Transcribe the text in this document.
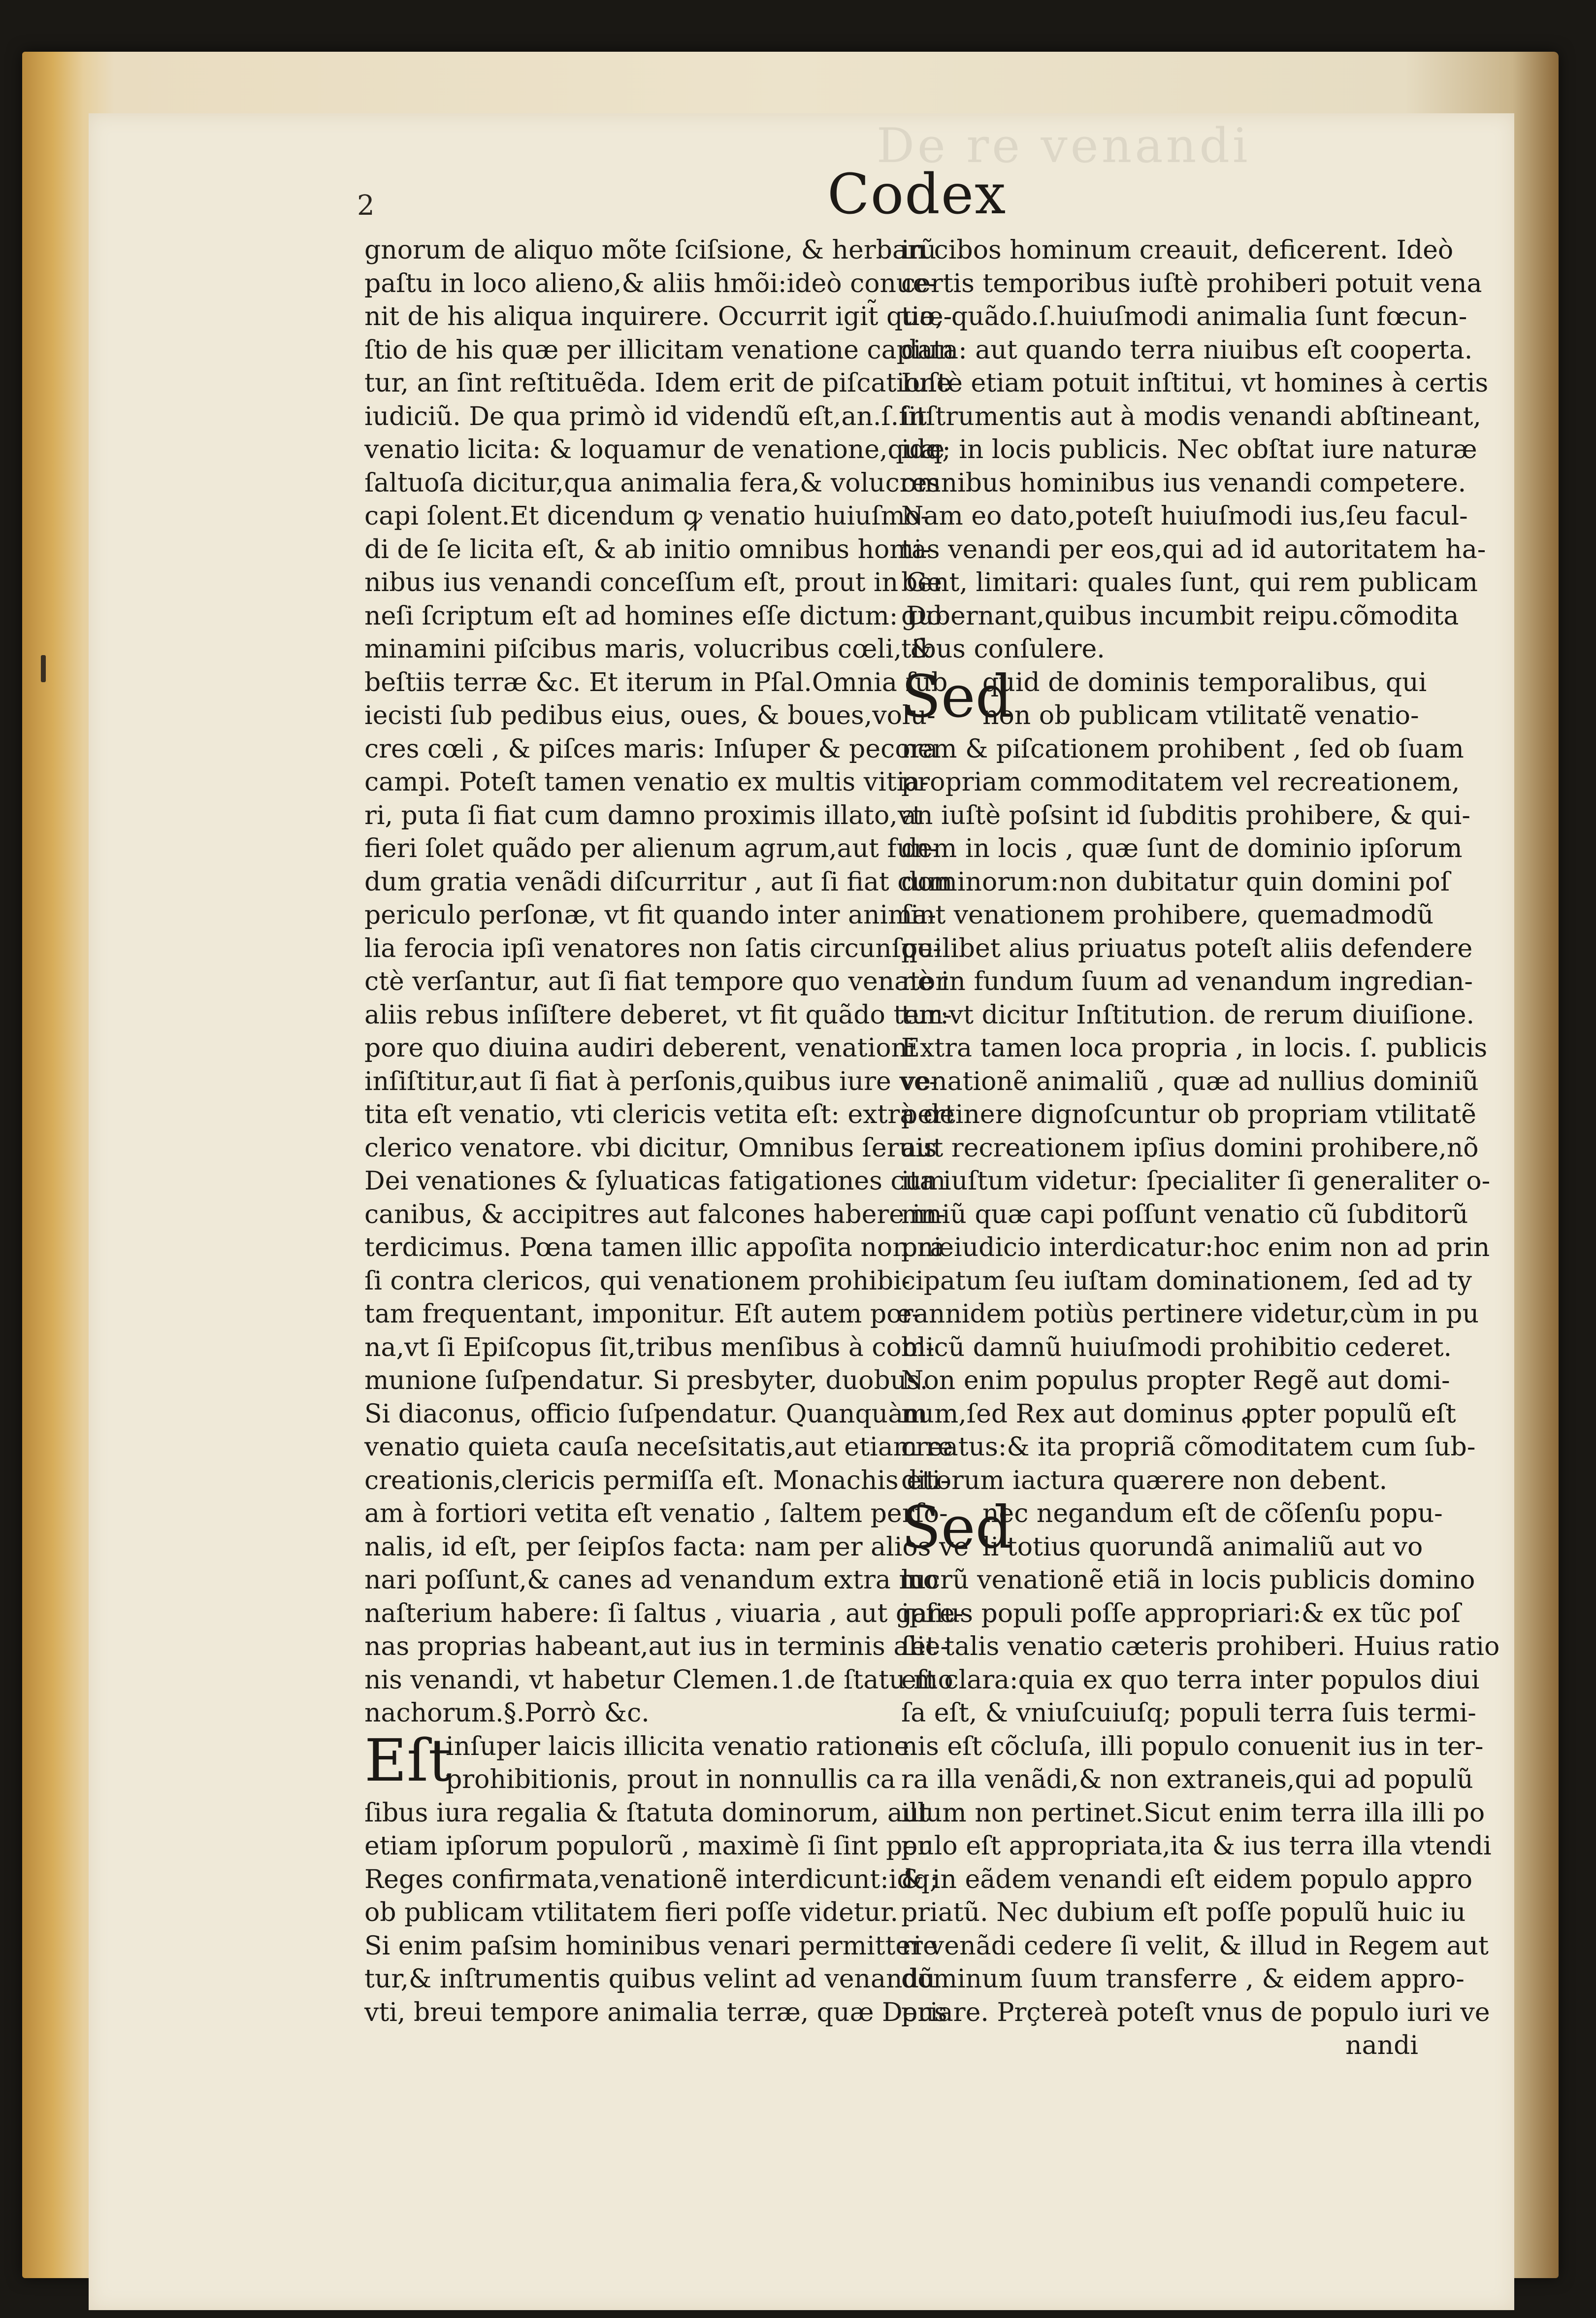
De re venandi
2	Codex
gnorum de aliquo mõte ſciſsione, & herbarũ
paſtu in loco alieno,& aliis hmõi:ideò conue-
nit de his aliqua inquirere. Occurrit igit̃ quæ-
ſtio de his quæ per illicitam venatione capiun
tur, an ſint reſtituẽda. Idem erit de piſcatione
iudiciũ. De qua primò id videndũ eſt,an.ſ.ſit
venatio licita: & loquamur de venatione,quæ
ſaltuoſa dicitur,qua animalia fera,& volucres
capi ſolent.Et dicendum ꝙ venatio huiuſmo-
di de ſe licita eſt, & ab initio omnibus homi-
nibus ius venandi conceſſum eſt, prout in Ge
neſi ſcriptum eſt ad homines eſſe dictum: Do
minamini piſcibus maris, volucribus cœli, &
beſtiis terræ &c. Et iterum in Pſal.Omnia ſub
iecisti ſub pedibus eius, oues, & boues,volu-
cres cœli , & piſces maris: Inſuper & pecora
campi. Poteſt tamen venatio ex multis vitia-
ri, puta ſi fiat cum damno proximis illato,vt
fieri ſolet quãdo per alienum agrum,aut fun-
dum gratia venãdi diſcurritur , aut ſi fiat cum
periculo perſonæ, vt fit quando inter anima-
lia ferocia ipſi venatores non ſatis circunſpe-
ctè verſantur, aut ſi fiat tempore quo venator
aliis rebus inſiſtere deberet, vt fit quãdo tem-
pore quo diuina audiri deberent, venationi
inſiſtitur,aut ſi fiat à perſonis,quibus iure ve-
tita eſt venatio, vti clericis vetita eſt: extrà de
clerico venatore. vbi dicitur, Omnibus ſeruis
Dei venationes & ſyluaticas fatigationes cum
canibus, & accipitres aut falcones habere in-
terdicimus. Pœna tamen illic appoſita non ni
ſi contra clericos, qui venationem prohibi-
tam frequentant, imponitur. Eſt autem pœ-
na,vt ſi Epiſcopus ſit,tribus menſibus à com-
munione ſuſpendatur. Si presbyter, duobus.
Si diaconus, officio ſuſpendatur. Quanquàm
venatio quieta cauſa neceſsitatis,aut etiam re
creationis,clericis permiſſa eſt. Monachis eti-
am à fortiori vetita eſt venatio , ſaltem perſo-
nalis, id eſt, per ſeipſos facta: nam per alios ve
nari poſſunt,& canes ad venandum extra mo
naſterium habere: ſi ſaltus , viuaria , aut gare-
nas proprias habeant,aut ius in terminis alie-
nis venandi, vt habetur Clemen.1.de ſtatu mo
nachorum.§.Porrò &c.
Eſt
inſuper laicis illicita venatio ratione
prohibitionis, prout in nonnullis ca
ſibus iura regalia & ſtatuta dominorum, aut
etiam ipſorum populorũ , maximè ſi ſint per
Reges confirmata,venationẽ interdicunt:idq;
ob publicam vtilitatem fieri poſſe videtur.
Si enim paſsim hominibus venari permittere
tur,& inſtrumentis quibus velint ad venandũ
vti, breui tempore animalia terræ, quæ Deus
in cibos hominum creauit, deficerent. Ideò
certis temporibus iuſtè prohiberi potuit vena
tio, quãdo.ſ.huiuſmodi animalia ſunt fœcun-
data: aut quando terra niuibus eſt cooperta.
Iuſtè etiam potuit inſtitui, vt homines à certis
inſtrumentis aut à modis venandi abſtineant,
idq; in locis publicis. Nec obſtat iure naturæ
omnibus hominibus ius venandi competere.
Nam eo dato,poteſt huiuſmodi ius,ſeu facul-
tas venandi per eos,qui ad id autoritatem ha-
bent, limitari: quales ſunt, qui rem publicam
gubernant,quibus incumbit reipu.cõmodita
tibus conſulere.
Sed
quid de dominis temporalibus, qui
non ob publicam vtilitatẽ venatio-
nem & piſcationem prohibent , ſed ob ſuam
propriam commoditatem vel recreationem,
an iuſtè poſsint id ſubditis prohibere, & qui-
dem in locis , quæ ſunt de dominio ipſorum
dominorum:non dubitatur quin domini poſ
ſint venationem prohibere, quemadmodũ
quilibet alius priuatus poteſt aliis defendere
nè in fundum ſuum ad venandum ingredian-
tur:vt dicitur Inſtitution. de rerum diuiſione.
Extra tamen loca propria , in locis. ſ. publicis
venationẽ animaliũ , quæ ad nullius dominiũ
pertinere dignoſcuntur ob propriam vtilitatẽ
aut recreationem ipſius domini prohibere,nõ
ita iuſtum videtur: ſpecialiter ſi generaliter o-
mniũ quæ capi poſſunt venatio cũ ſubditorũ
præiudicio interdicatur:hoc enim non ad prin
cipatum ſeu iuſtam dominationem, ſed ad ty
rannidem potiùs pertinere videtur,cùm in pu
blicũ damnũ huiuſmodi prohibitio cederet.
Non enim populus propter Regẽ aut domi-
num,ſed Rex aut dominus ꝓpter populũ eſt
creatus:& ita propriã cõmoditatem cum ſub-
ditorum iactura quærere non debent.
Sed
nec negandum eſt de cõſenſu popu-
li totius quorundã animaliũ aut vo
lucrũ venationẽ etiã in locis publicis domino
ipſius populi poſſe appropriari:& ex tũc poſ
ſet talis venatio cæteris prohiberi. Huius ratio
eſt clara:quia ex quo terra inter populos diui
ſa eſt, & vniuſcuiuſq; populi terra ſuis termi-
nis eſt cõcluſa, illi populo conuenit ius in ter-
ra illa venãdi,& non extraneis,qui ad populũ
illum non pertinet.Sicut enim terra illa illi po
pulo eſt appropriata,ita & ius terra illa vtendi
& in eãdem venandi eſt eidem populo appro
priatũ. Nec dubium eſt poſſe populũ huic iu
ri venãdi cedere ſi velit, & illud in Regem aut
dominum ſuum transferre , & eidem appro-
priare. Prçtereà poteſt vnus de populo iuri ve
nandi
